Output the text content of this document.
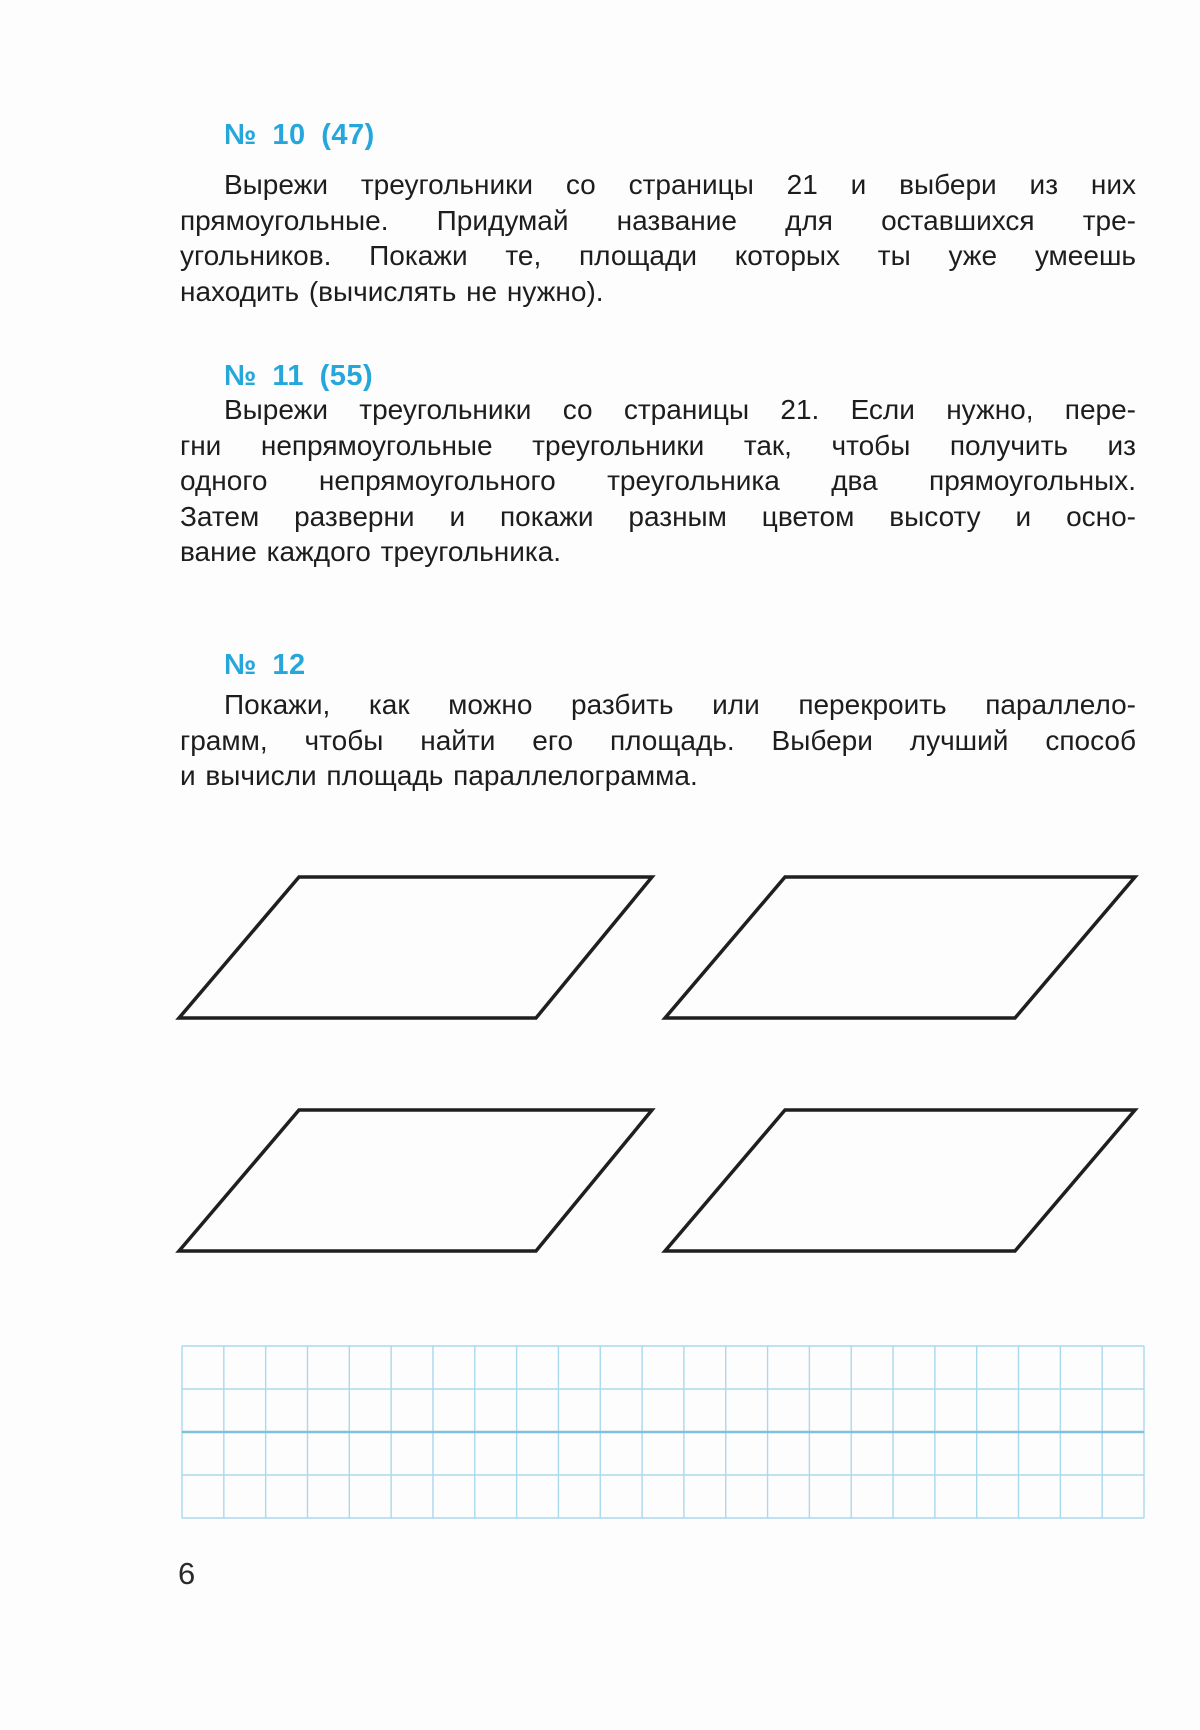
№ 10 (47)
Вырежи треугольники со страницы 21 и выбери из них
прямоугольные. Придумай название для оставшихся тре-
угольников. Покажи те, площади которых ты уже умеешь
находить (вычислять не нужно).
№ 11 (55)
Вырежи треугольники со страницы 21. Если нужно, пере-
гни непрямоугольные треугольники так, чтобы получить из
одного непрямоугольного треугольника два прямоугольных.
Затем разверни и покажи разным цветом высоту и осно-
вание каждого треугольника.
№ 12
Покажи, как можно разбить или перекроить параллело-
грамм, чтобы найти его площадь. Выбери лучший способ
и вычисли площадь параллелограмма.
6
